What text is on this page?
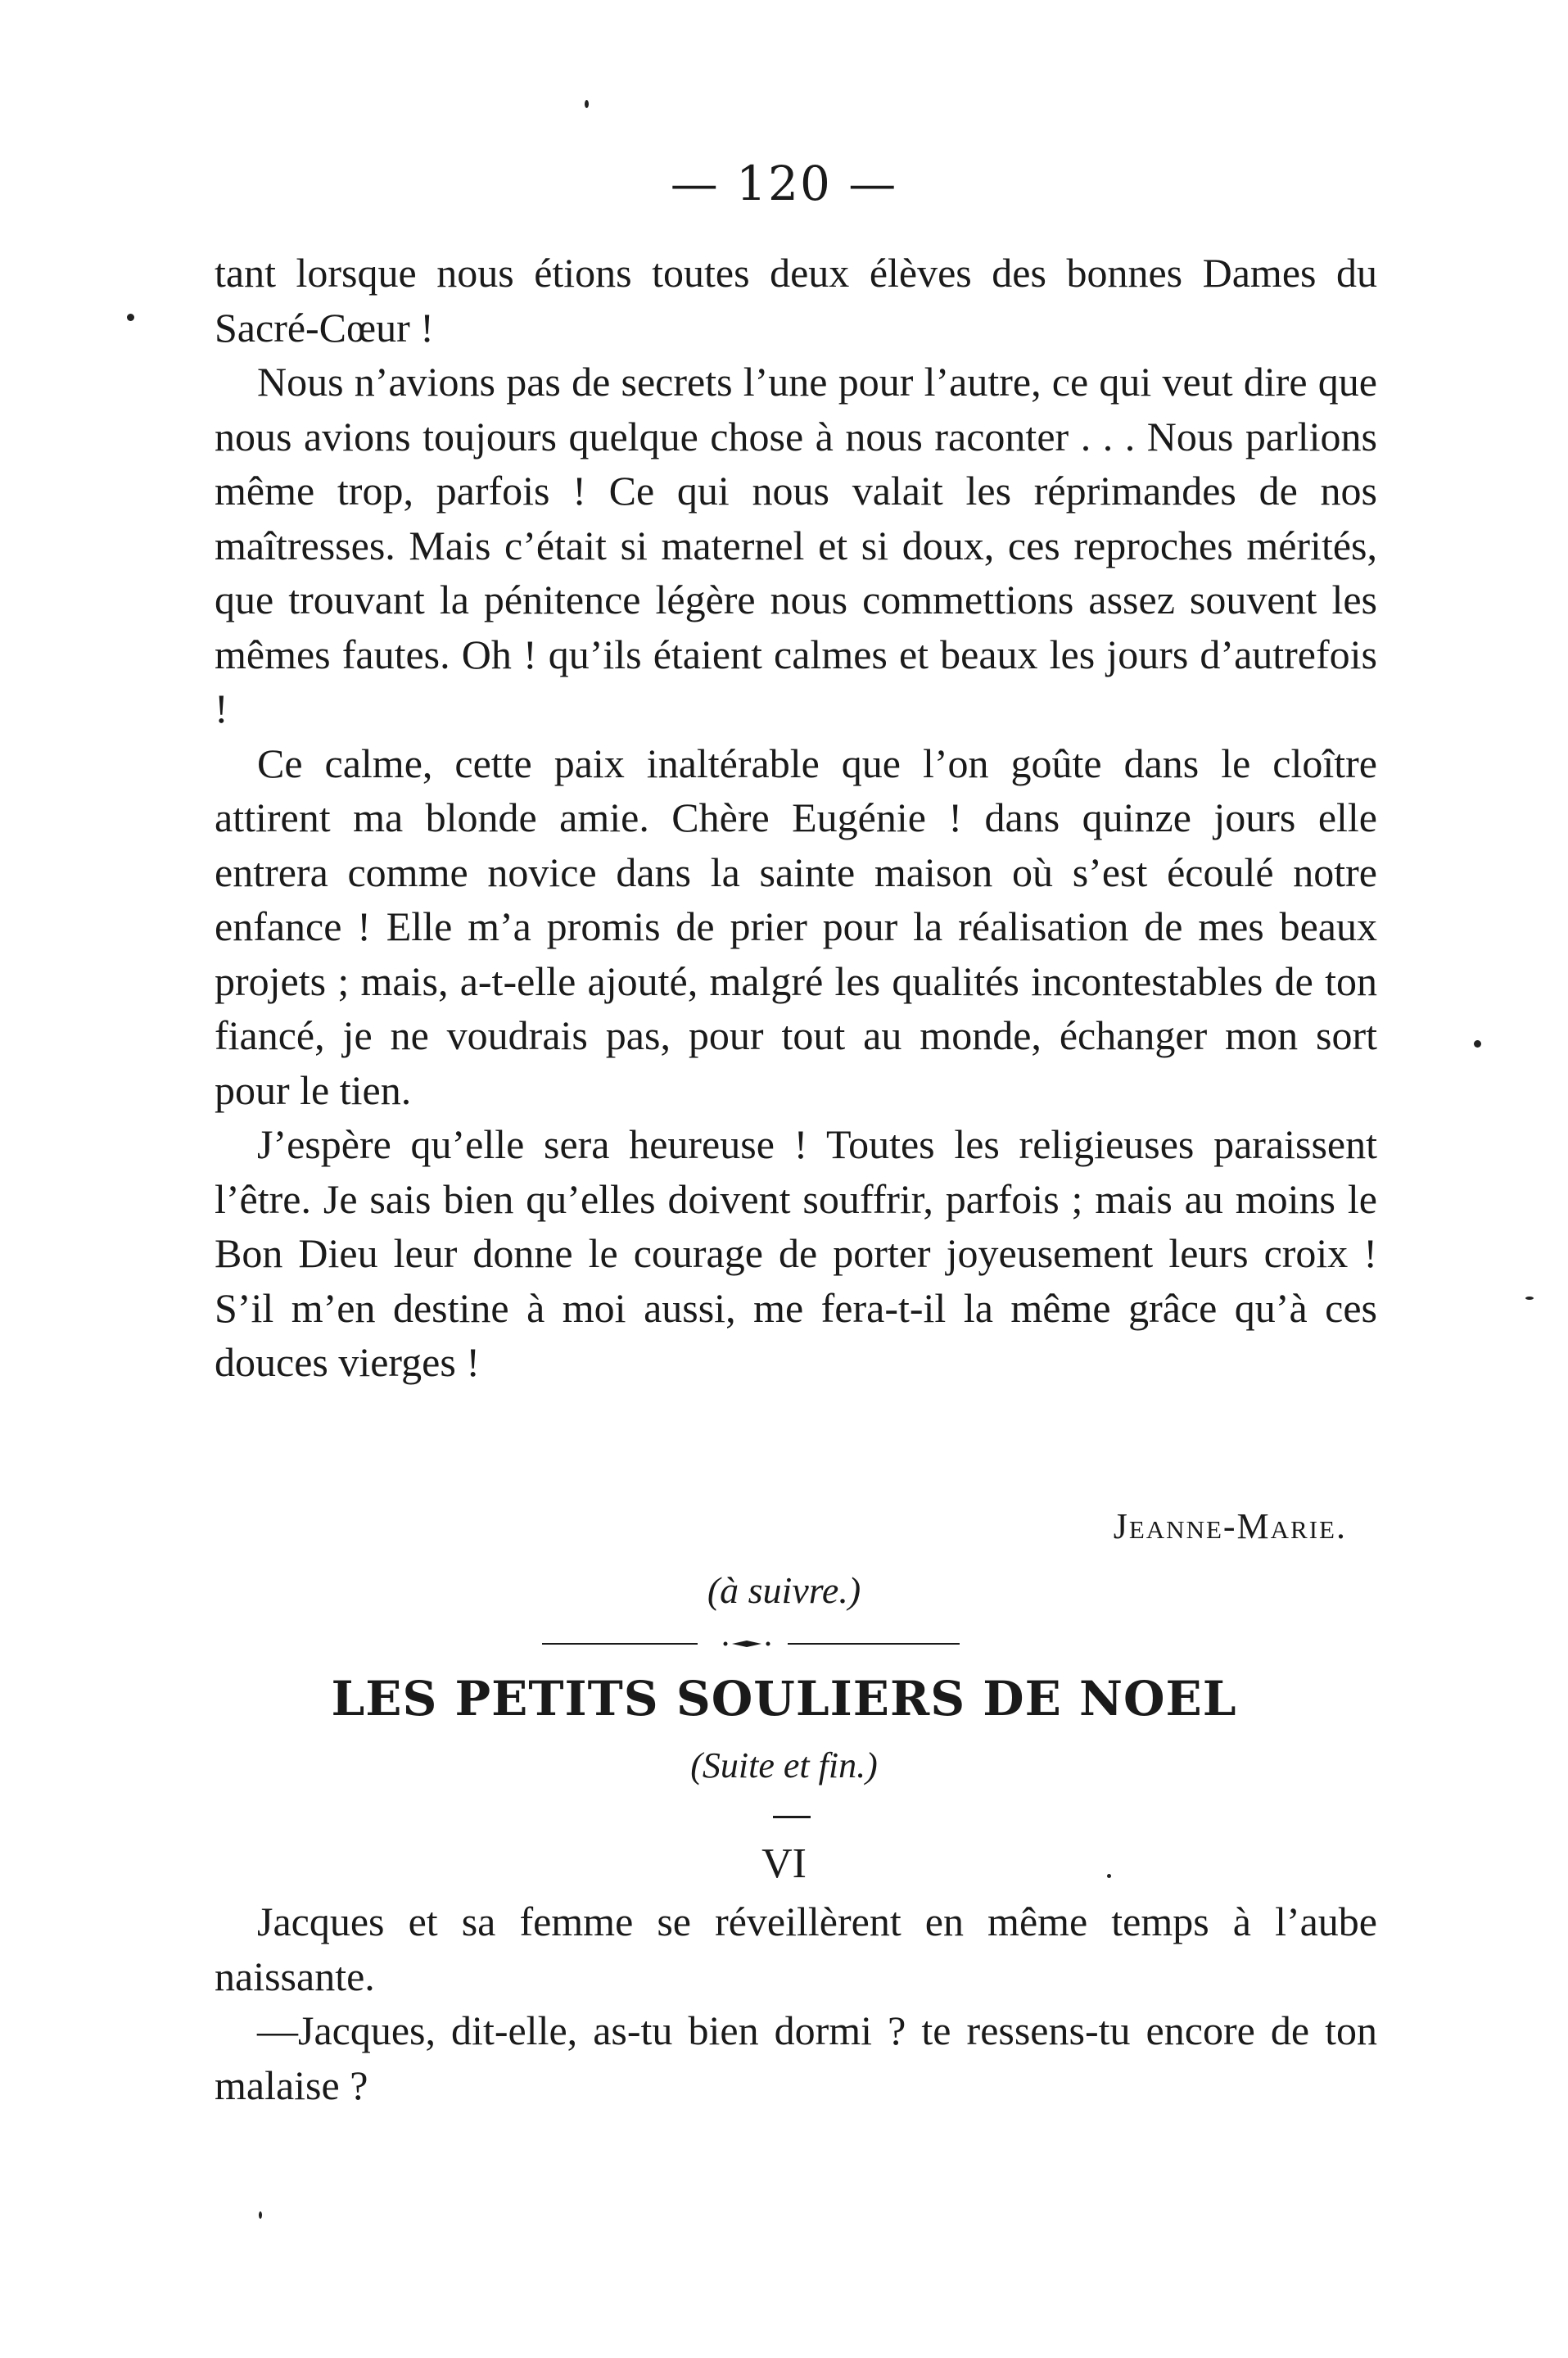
— 120 —

tant lorsque nous étions toutes deux élèves des bonnes Dames du Sacré-Cœur !

Nous n’avions pas de secrets l’une pour l’autre, ce qui veut dire que nous avions toujours quelque chose à nous raconter . . . Nous parlions même trop, parfois ! Ce qui nous valait les réprimandes de nos maîtresses. Mais c’était si maternel et si doux, ces reproches mérités, que trouvant la pénitence légère nous commettions assez souvent les mêmes fautes. Oh ! qu’ils étaient calmes et beaux les jours d’autrefois !

Ce calme, cette paix inaltérable que l’on goûte dans le cloître attirent ma blonde amie. Chère Eugénie ! dans quinze jours elle entrera comme novice dans la sainte maison où s’est écoulé notre enfance ! Elle m’a promis de prier pour la réalisation de mes beaux projets ; mais, a-t-elle ajouté, malgré les qualités incontestables de ton fiancé, je ne voudrais pas, pour tout au monde, échanger mon sort pour le tien.

J’espère qu’elle sera heureuse ! Toutes les religieuses paraissent l’être. Je sais bien qu’elles doivent souffrir, parfois ; mais au moins le Bon Dieu leur donne le courage de porter joyeusement leurs croix ! S’il m’en destine à moi aussi, me fera-t-il la même grâce qu’à ces douces vierges !

Jeanne-Marie.
(à suivre.)
LES PETITS SOULIERS DE NOEL
(Suite et fin.)
VI

Jacques et sa femme se réveillèrent en même temps à l’aube naissante.

—Jacques, dit-elle, as-tu bien dormi ? te ressens-tu encore de ton malaise ?
